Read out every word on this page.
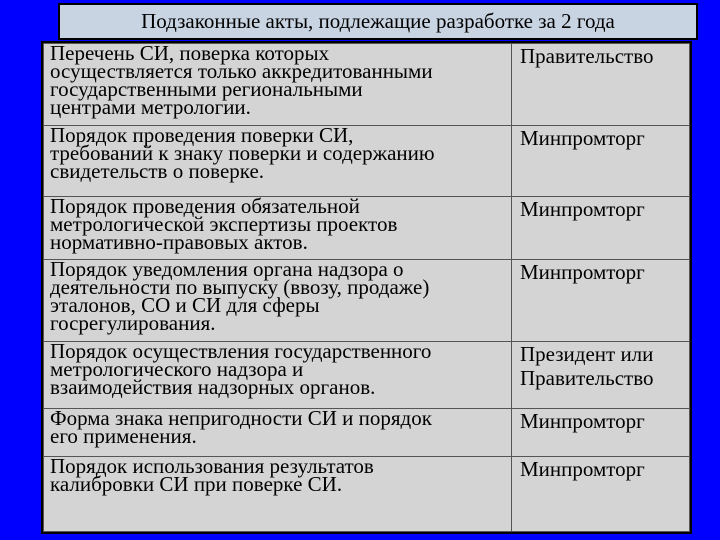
Подзаконные акты, подлежащие разработке за 2 года
Перечень СИ, поверка которых
осуществляется только аккредитованными
государственными региональными
центрами метрологии.	Правительство
Порядок проведения поверки СИ,
требований к знаку поверки и содержанию
свидетельств о поверке.	Минпромторг
Порядок проведения обязательной
метрологической экспертизы проектов
нормативно-правовых актов.	Минпромторг
Порядок уведомления органа надзора о
деятельности по выпуску (ввозу, продаже)
эталонов, СО и СИ для сферы
госрегулирования.	Минпромторг
Порядок осуществления государственного
метрологического надзора и
взаимодействия надзорных органов.	Президент или
Правительство
Форма знака непригодности СИ и порядок
его применения.	Минпромторг
Порядок использования результатов
калибровки СИ при поверке СИ.	Минпромторг
